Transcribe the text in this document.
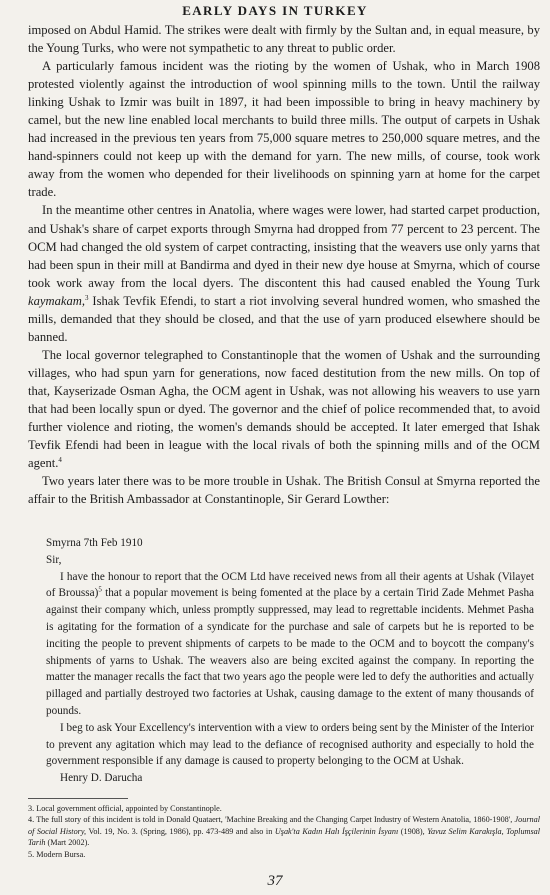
EARLY DAYS IN TURKEY

imposed on Abdul Hamid. The strikes were dealt with firmly by the Sultan and, in equal measure, by the Young Turks, who were not sympathetic to any threat to public order.

A particularly famous incident was the rioting by the women of Ushak, who in March 1908 protested violently against the introduction of wool spinning mills to the town. Until the railway linking Ushak to Izmir was built in 1897, it had been impossible to bring in heavy machinery by camel, but the new line enabled local merchants to build three mills. The output of carpets in Ushak had increased in the previous ten years from 75,000 square metres to 250,000 square metres, and the hand-spinners could not keep up with the demand for yarn. The new mills, of course, took work away from the women who depended for their livelihoods on spinning yarn at home for the carpet trade.

In the meantime other centres in Anatolia, where wages were lower, had started carpet production, and Ushak's share of carpet exports through Smyrna had dropped from 77 percent to 23 percent. The OCM had changed the old system of carpet contracting, insisting that the weavers use only yarns that had been spun in their mill at Bandirma and dyed in their new dye house at Smyrna, which of course took work away from the local dyers. The discontent this had caused enabled the Young Turk kaymakam,$^3$ Ishak Tevfik Efendi, to start a riot involving several hundred women, who smashed the mills, demanded that they should be closed, and that the use of yarn produced elsewhere should be banned.

The local governor telegraphed to Constantinople that the women of Ushak and the surrounding villages, who had spun yarn for generations, now faced destitution from the new mills. On top of that, Kayserizade Osman Agha, the OCM agent in Ushak, was not allowing his weavers to use yarn that had been locally spun or dyed. The governor and the chief of police recommended that, to avoid further violence and rioting, the women's demands should be accepted. It later emerged that Ishak Tevfik Efendi had been in league with the local rivals of both the spinning mills and of the OCM agent.$^4$

Two years later there was to be more trouble in Ushak. The British Consul at Smyrna reported the affair to the British Ambassador at Constantinople, Sir Gerard Lowther:

Smyrna 7th Feb 1910

Sir,

I have the honour to report that the OCM Ltd have received news from all their agents at Ushak (Vilayet of Broussa)$^5$ that a popular movement is being fomented at the place by a certain Tirid Zade Mehmet Pasha against their company which, unless promptly suppressed, may lead to regrettable incidents. Mehmet Pasha is agitating for the formation of a syndicate for the purchase and sale of carpets but he is reported to be inciting the people to prevent shipments of carpets to be made to the OCM and to boycott the company's shipments of yarns to Ushak. The weavers also are being excited against the company. In reporting the matter the manager recalls the fact that two years ago the people were led to defy the authorities and actually pillaged and partially destroyed two factories at Ushak, causing damage to the extent of many thousands of pounds.

I beg to ask Your Excellency's intervention with a view to orders being sent by the Minister of the Interior to prevent any agitation which may lead to the defiance of recognised authority and especially to hold the government responsible if any damage is caused to property belonging to the OCM at Ushak.

Henry D. Darucha

3. Local government official, appointed by Constantinople.

4. The full story of this incident is told in Donald Quataert, 'Machine Breaking and the Changing Carpet Industry of Western Anatolia, 1860-1908', Journal of Social History, Vol. 19, No. 3. (Spring, 1986), pp. 473-489 and also in Uşak'ta Kadın Halı İşçilerinin İsyanı (1908), Yavuz Selim Karakışla, Toplumsal Tarih (Mart 2002).

5. Modern Bursa.

37
